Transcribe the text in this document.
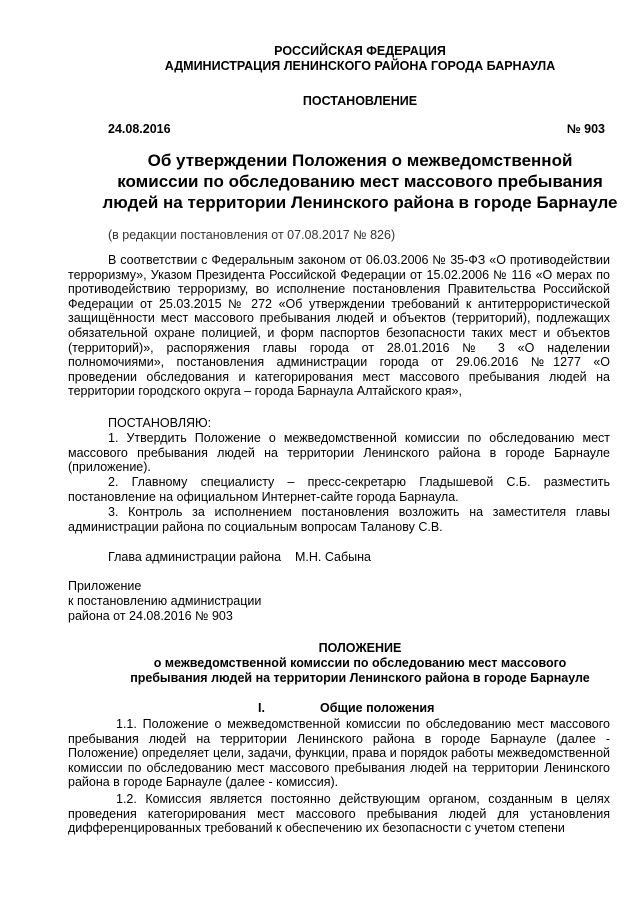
РОССИЙСКАЯ ФЕДЕРАЦИЯ
АДМИНИСТРАЦИЯ ЛЕНИНСКОГО РАЙОНА ГОРОДА БАРНАУЛА
ПОСТАНОВЛЕНИЕ
24.08.2016	№ 903
Об утверждении Положения о межведомственной
комиссии по обследованию мест массового пребывания
людей на территории Ленинского района в городе Барнауле
(в редакции постановления от 07.08.2017 № 826)
В соответствии с Федеральным законом от 06.03.2006 № 35-ФЗ «О противодействии терроризму», Указом Президента Российской Федерации от 15.02.2006 № 116 «О мерах по противодействию терроризму, во исполнение постановления Правительства Российской Федерации от 25.03.2015 № 272 «Об утверждении требований к антитеррористической защищённости мест массового пребывания людей и объектов (территорий), подлежащих обязательной охране полицией, и форм паспортов безопасности таких мест и объектов (территорий)», распоряжения главы города от 28.01.2016 № 3 «О наделении полномочиями», постановления администрации города от 29.06.2016 №1277 «О проведении обследования и категорирования мест массового пребывания людей на территории городского округа – города Барнаула Алтайского края»,
ПОСТАНОВЛЯЮ:
1. Утвердить Положение о межведомственной комиссии по обследованию мест массового пребывания людей на территории Ленинского района в городе Барнауле (приложение).
2. Главному специалисту – пресс-секретарю Гладышевой С.Б. разместить постановление на официальном Интернет-сайте города Барнаула.
3. Контроль за исполнением постановления возложить на заместителя главы администрации района по социальным вопросам Таланову С.В.
Глава администрации района    М.Н. Сабына
Приложение
к постановлению администрации
района от 24.08.2016 № 903
ПОЛОЖЕНИЕ
о межведомственной комиссии по обследованию мест массового
пребывания людей на территории Ленинского района в городе Барнауле
I.	Общие положения
1.1. Положение о межведомственной комиссии по обследованию мест массового пребывания людей на территории Ленинского района в городе Барнауле (далее - Положение) определяет цели, задачи, функции, права и порядок работы межведомственной комиссии по обследованию мест массового пребывания людей на территории Ленинского района в городе Барнауле (далее - комиссия).
1.2. Комиссия является постоянно действующим органом, созданным в целях проведения категорирования мест массового пребывания людей для установления дифференцированных требований к обеспечению их безопасности с учетом степени
